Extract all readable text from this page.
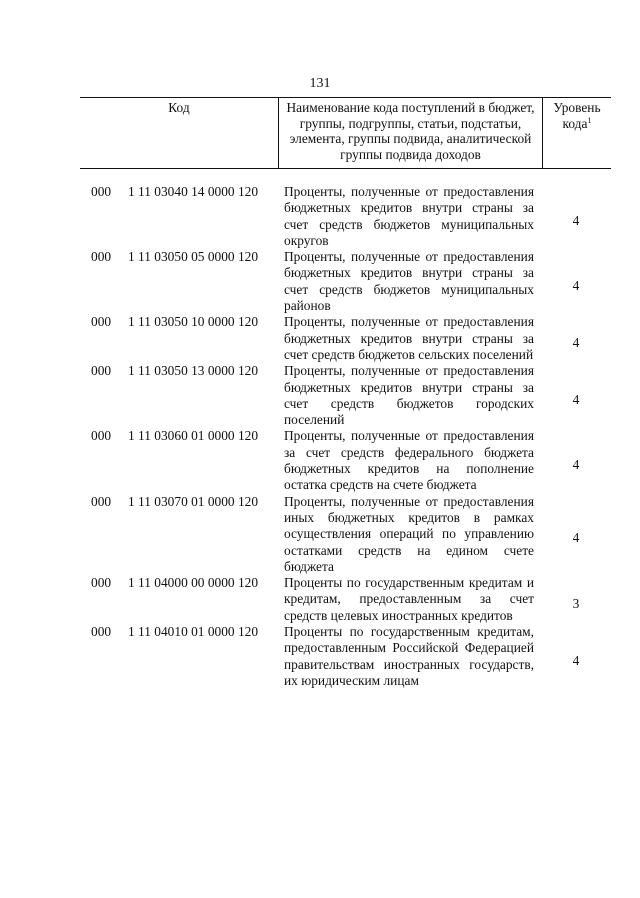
131
Код	Наименование кода поступлений в бюджет, группы, подгруппы, статьи, подстатьи, элемента, группы подвида, аналитической группы подвида доходов
Уровень кода$^1$
000 1 11 03040 14 0000 120 Проценты, полученные от предоставления бюджетных кредитов внутри страны за счет средств бюджетов муниципальных округов
4
000 1 11 03050 05 0000 120 Проценты, полученные от предоставления бюджетных кредитов внутри страны за счет средств бюджетов муниципальных районов
4
000 1 11 03050 10 0000 120 Проценты, полученные от предоставления бюджетных кредитов внутри страны за счет средств бюджетов сельских поселений
4
000 1 11 03050 13 0000 120 Проценты, полученные от предоставления бюджетных кредитов внутри страны за счет средств бюджетов городских поселений
4
000 1 11 03060 01 0000 120 Проценты, полученные от предоставления за счет средств федерального бюджета бюджетных кредитов на пополнение остатка средств на счете бюджета
4
000 1 11 03070 01 0000 120 Проценты, полученные от предоставления иных бюджетных кредитов в рамках осуществления операций по управлению остатками средств на едином счете бюджета
4
000 1 11 04000 00 0000 120 Проценты по государственным кредитам и кредитам, предоставленным за счет средств целевых иностранных кредитов
3
000 1 11 04010 01 0000 120 Проценты по государственным кредитам, предоставленным Российской Федерацией правительствам иностранных государств, их юридическим лицам
4
